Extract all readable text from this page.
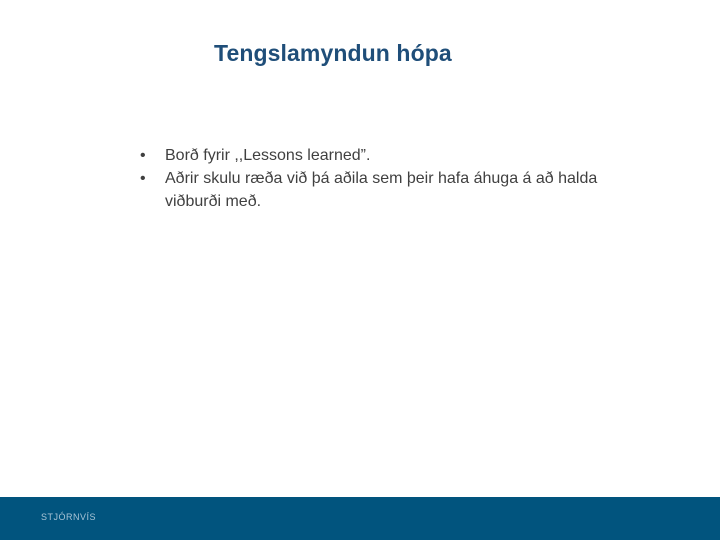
Tengslamyndun hópa
•	Borð fyrir ,,Lessons learned”.
•	Aðrir skulu ræða við þá aðila sem þeir hafa áhuga á að halda viðburði með.
STJÓRNVÍS
